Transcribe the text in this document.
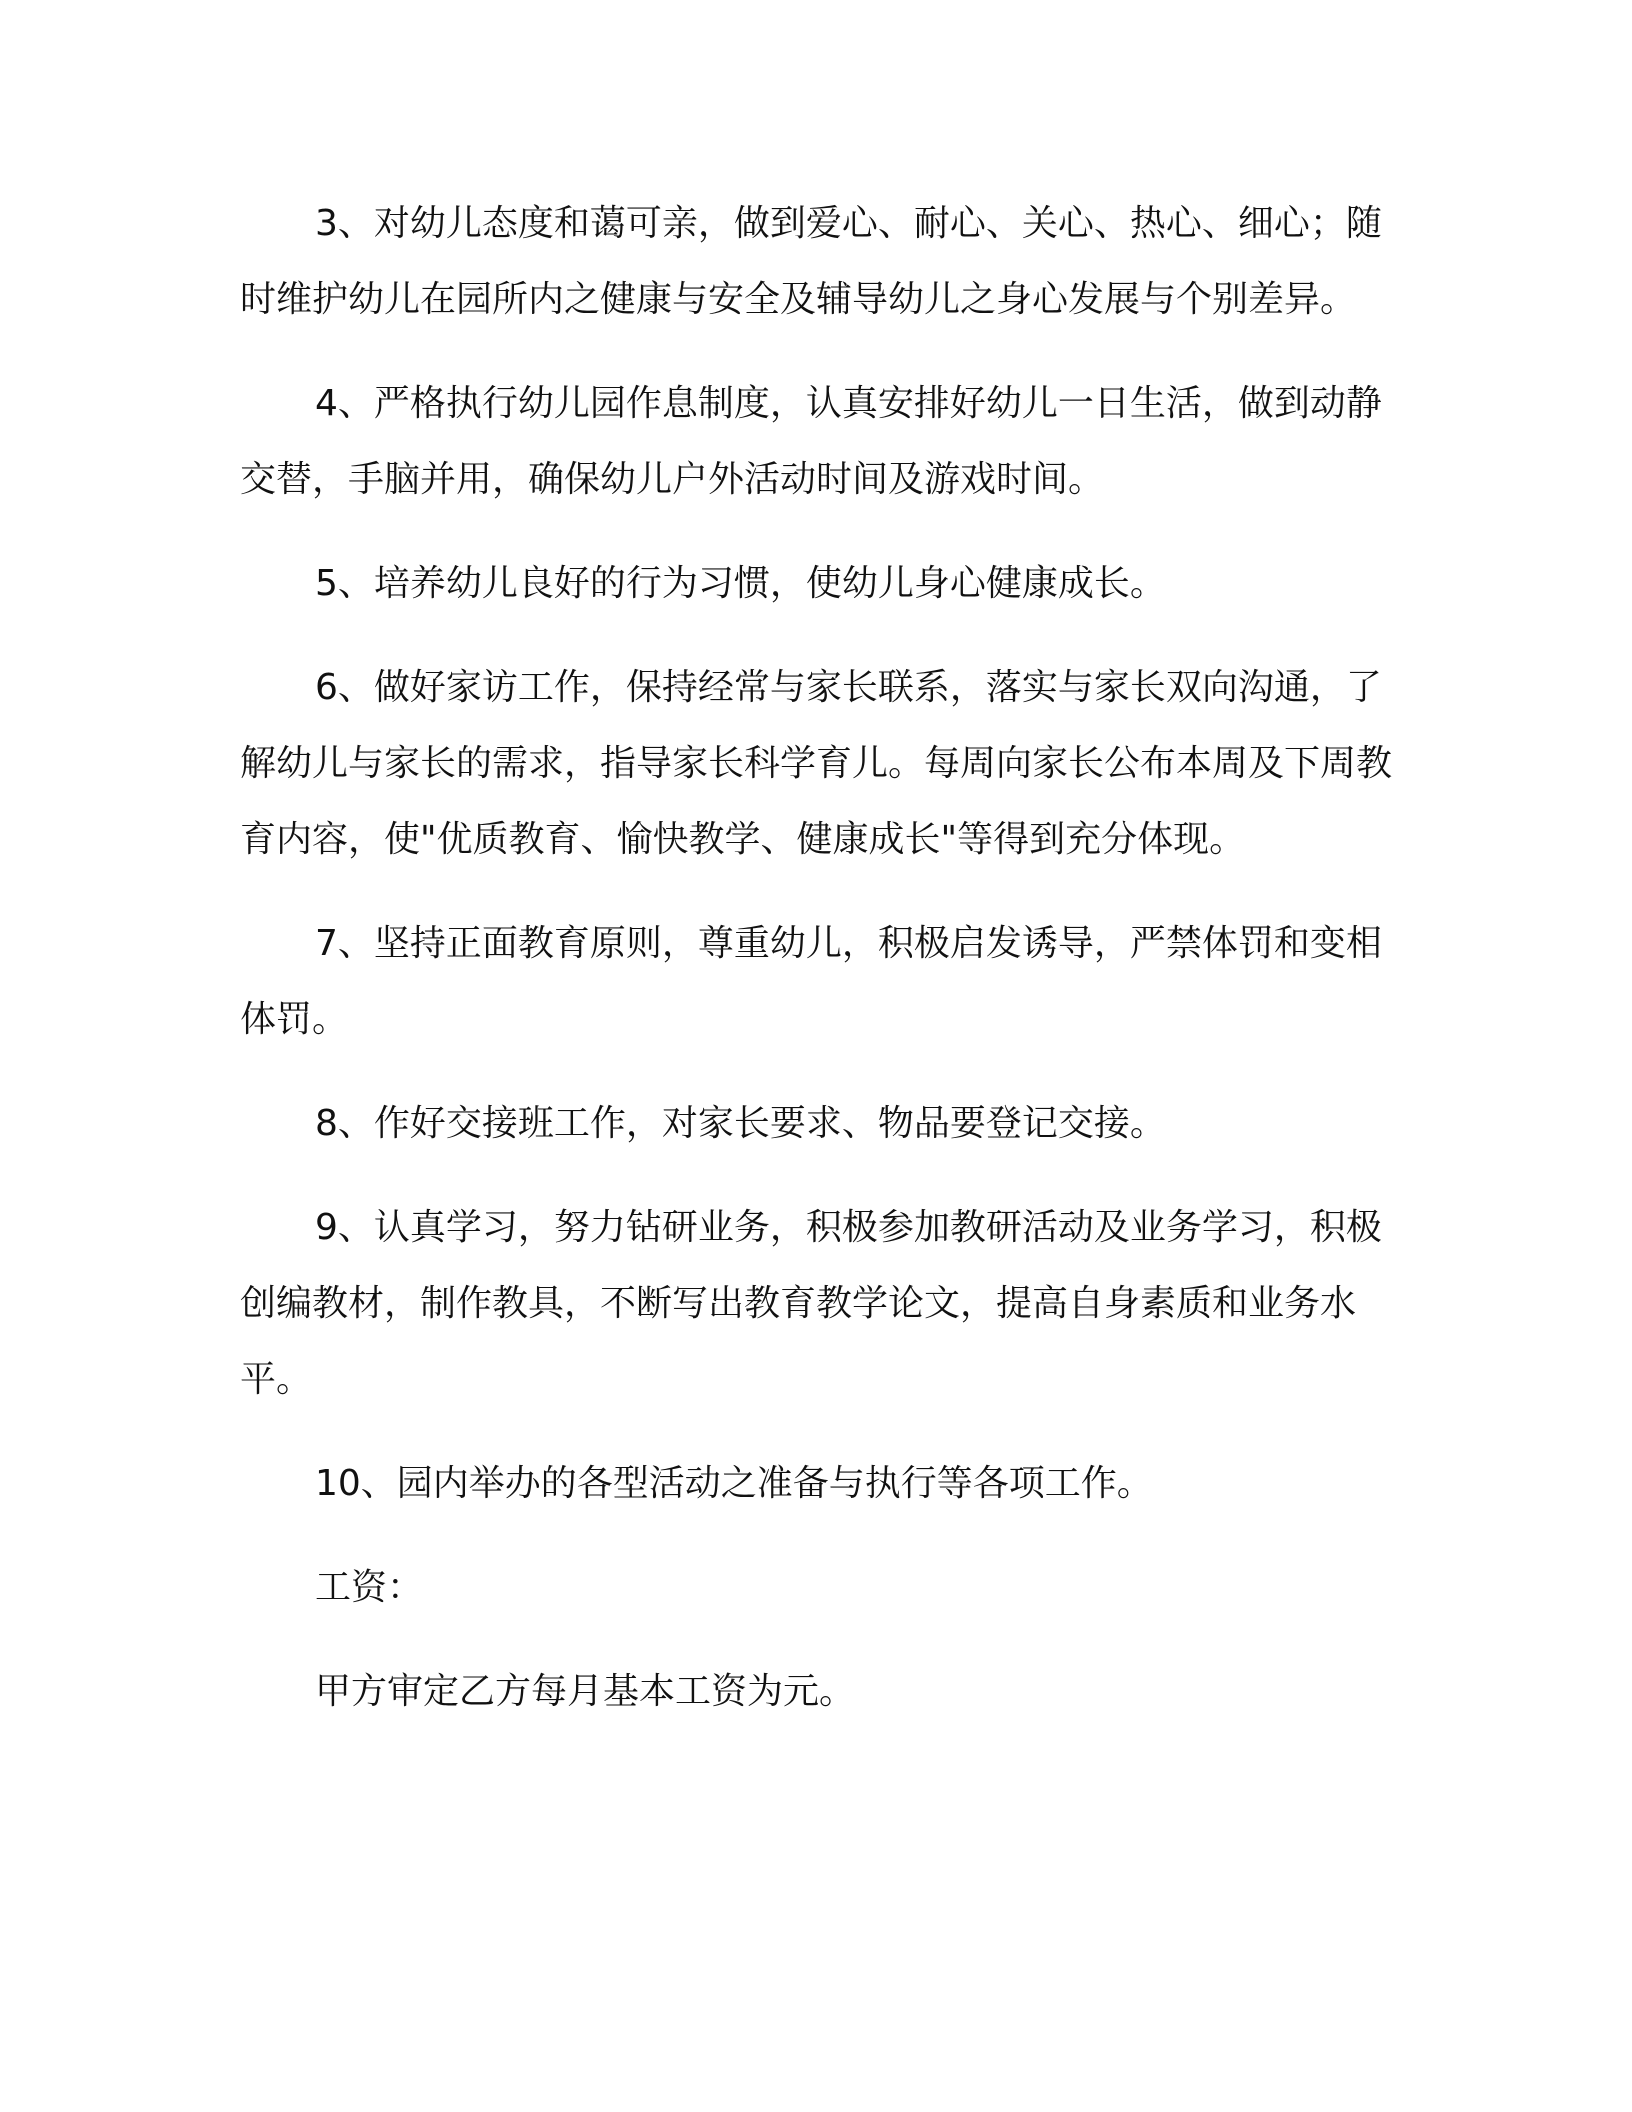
3、对幼儿态度和蔼可亲，做到爱心、耐心、关心、热心、细心；随时维护幼儿在园所内之健康与安全及辅导幼儿之身心发展与个别差异。

4、严格执行幼儿园作息制度，认真安排好幼儿一日生活，做到动静交替，手脑并用，确保幼儿户外活动时间及游戏时间。

5、培养幼儿良好的行为习惯，使幼儿身心健康成长。

6、做好家访工作，保持经常与家长联系，落实与家长双向沟通，了解幼儿与家长的需求，指导家长科学育儿。每周向家长公布本周及下周教育内容，使"优质教育、愉快教学、健康成长"等得到充分体现。

7、坚持正面教育原则，尊重幼儿，积极启发诱导，严禁体罚和变相体罚。

8、作好交接班工作，对家长要求、物品要登记交接。

9、认真学习，努力钻研业务，积极参加教研活动及业务学习，积极创编教材，制作教具，不断写出教育教学论文，提高自身素质和业务水平。

10、园内举办的各型活动之准备与执行等各项工作。

工资：

甲方审定乙方每月基本工资为元。
